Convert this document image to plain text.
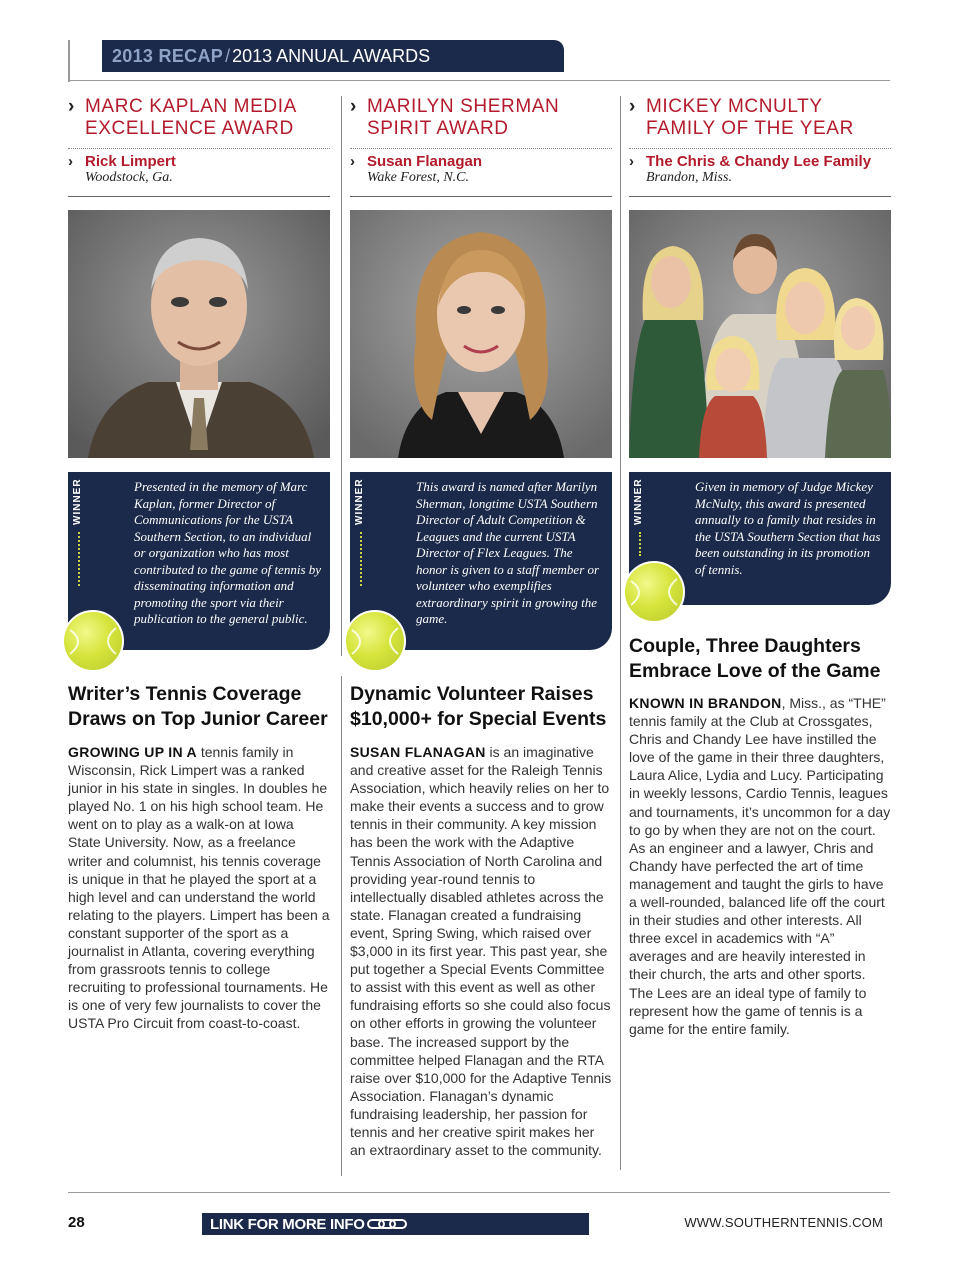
2013 RECAP / 2013 ANNUAL AWARDS
› MARC KAPLAN MEDIA EXCELLENCE AWARD
› Rick Limpert
Woodstock, Ga.
› MARILYN SHERMAN SPIRIT AWARD
› Susan Flanagan
Wake Forest, N.C.
› MICKEY MCNULTY FAMILY OF THE YEAR
› The Chris & Chandy Lee Family
Brandon, Miss.
WINNER	Presented in the memory of Marc Kaplan, former Director of Communications for the USTA Southern Section, to an individual or organization who has most contributed to the game of tennis by disseminating information and promoting the sport via their publication to the general public.
WINNER	This award is named after Marilyn Sherman, longtime USTA Southern Director of Adult Competition & Leagues and the current USTA Director of Flex Leagues. The honor is given to a staff member or volunteer who exemplifies extraordinary spirit in growing the game.
WINNER	Given in memory of Judge Mickey McNulty, this award is presented annually to a family that resides in the USTA Southern Section that has been outstanding in its promotion of tennis.
Writer’s Tennis Coverage Draws on Top Junior Career
Dynamic Volunteer Raises $10,000+ for Special Events
Couple, Three Daughters Embrace Love of the Game
GROWING UP IN A tennis family in Wisconsin, Rick Limpert was a ranked junior in his state in singles. In doubles he played No. 1 on his high school team. He went on to play as a walk-on at Iowa State University. Now, as a freelance writer and columnist, his tennis coverage is unique in that he played the sport at a high level and can understand the world relating to the players. Limpert has been a constant supporter of the sport as a journalist in Atlanta, covering everything from grassroots tennis to college recruiting to professional tournaments. He is one of very few journalists to cover the USTA Pro Circuit from coast-to-coast.
SUSAN FLANAGAN is an imaginative and creative asset for the Raleigh Tennis Association, which heavily relies on her to make their events a success and to grow tennis in their community. A key mission has been the work with the Adaptive Tennis Association of North Carolina and providing year-round tennis to intellectually disabled athletes across the state. Flanagan created a fundraising event, Spring Swing, which raised over $3,000 in its first year. This past year, she put together a Special Events Committee to assist with this event as well as other fundraising efforts so she could also focus on other efforts in growing the volunteer base. The increased support by the committee helped Flanagan and the RTA raise over $10,000 for the Adaptive Tennis Association. Flanagan’s dynamic fundraising leadership, her passion for tennis and her creative spirit makes her an extraordinary asset to the community.
KNOWN IN BRANDON, Miss., as “THE” tennis family at the Club at Crossgates, Chris and Chandy Lee have instilled the love of the game in their three daughters, Laura Alice, Lydia and Lucy. Participating in weekly lessons, Cardio Tennis, leagues and tournaments, it’s uncommon for a day to go by when they are not on the court. As an engineer and a lawyer, Chris and Chandy have perfected the art of time management and taught the girls to have a well-rounded, balanced life off the court in their studies and other interests. All three excel in academics with “A” averages and are heavily interested in their church, the arts and other sports. The Lees are an ideal type of family to represent how the game of tennis is a game for the entire family.
28	LINK FOR MORE INFO	WWW.SOUTHERNTENNIS.COM
